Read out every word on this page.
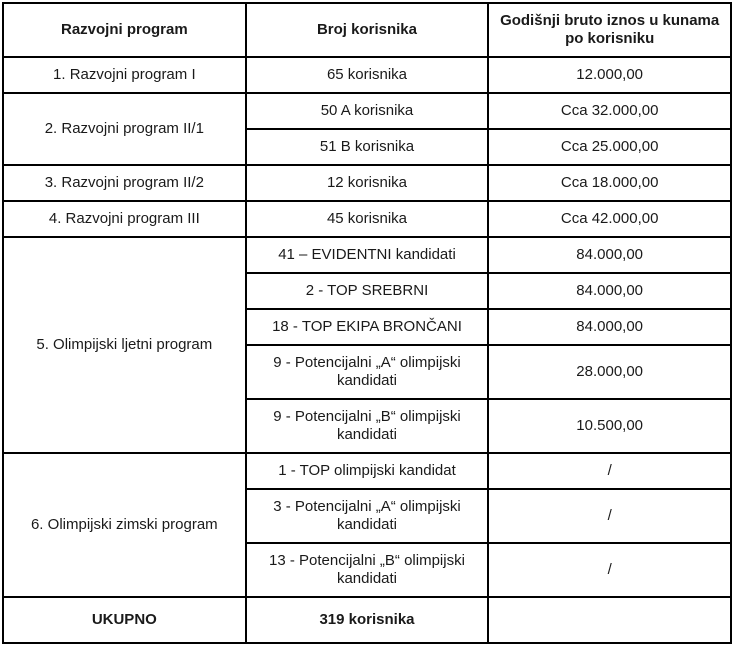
Razvojni program	Broj korisnika	Godišnji bruto iznos u kunama po korisniku
1. Razvojni program I	65 korisnika	12.000,00
2. Razvojni program II/1	50 A korisnika	Cca 32.000,00
	51 B korisnika	Cca 25.000,00
3. Razvojni program II/2	12 korisnika	Cca 18.000,00
4. Razvojni program III	45 korisnika	Cca 42.000,00
5. Olimpijski ljetni program	41 – EVIDENTNI kandidati	84.000,00
	2 - TOP SREBRNI	84.000,00
	18 - TOP EKIPA BRONČANI	84.000,00
	9 - Potencijalni „A“ olimpijski kandidati	28.000,00
	9 - Potencijalni „B“ olimpijski kandidati	10.500,00
6. Olimpijski zimski program	1 - TOP olimpijski kandidat	/
	3 - Potencijalni „A“ olimpijski kandidati	/
	13 - Potencijalni „B“ olimpijski kandidati	/
UKUPNO	319 korisnika	
